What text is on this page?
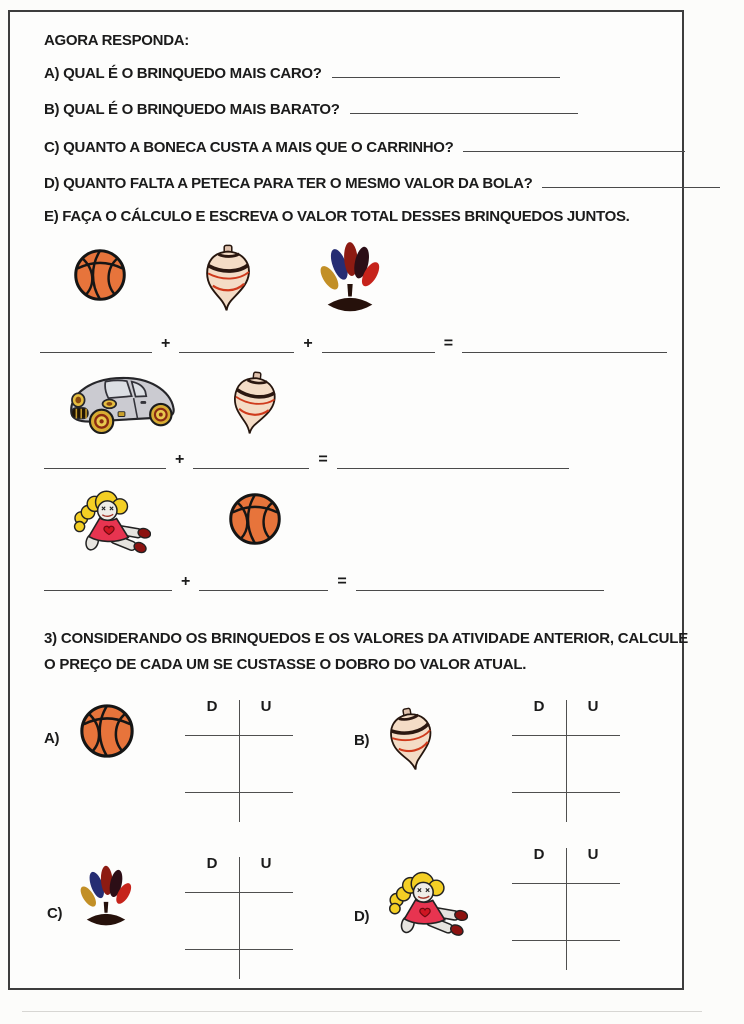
AGORA RESPONDA:
A) QUAL É O BRINQUEDO MAIS CARO?
B) QUAL É O BRINQUEDO MAIS BARATO?
C) QUANTO A BONECA CUSTA A MAIS QUE O CARRINHO?
D) QUANTO FALTA A PETECA PARA TER O MESMO VALOR DA BOLA?
E) FAÇA O CÁLCULO E ESCREVA O VALOR TOTAL DESSES BRINQUEDOS JUNTOS.
+	+	=
+	=
+	=
3) CONSIDERANDO OS BRINQUEDOS E OS VALORES DA ATIVIDADE ANTERIOR, CALCULE
O PREÇO DE CADA UM SE CUSTASSE O DOBRO DO VALOR ATUAL.
A)
D	U
B)
D	U
C)
D	U
D)
D	U
